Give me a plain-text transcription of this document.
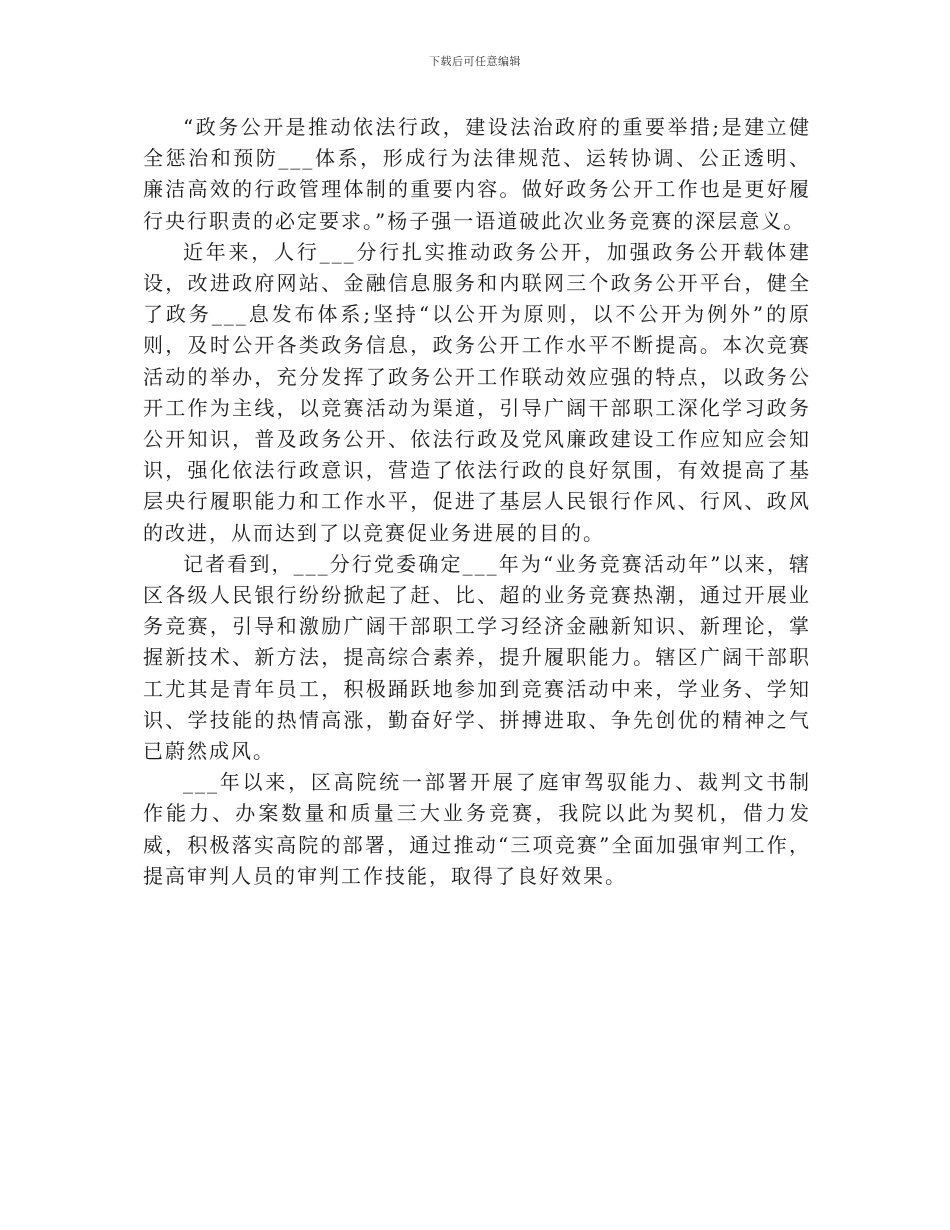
下载后可任意编辑

“政务公开是推动依法行政，建设法治政府的重要举措;是建立健全惩治和预防___体系，形成行为法律规范、运转协调、公正透明、廉洁高效的行政管理体制的重要内容。做好政务公开工作也是更好履行央行职责的必定要求。”杨子强一语道破此次业务竞赛的深层意义。

近年来，人行___分行扎实推动政务公开，加强政务公开载体建设，改进政府网站、金融信息服务和内联网三个政务公开平台，健全了政务___息发布体系;坚持“以公开为原则，以不公开为例外”的原则，及时公开各类政务信息，政务公开工作水平不断提高。本次竞赛活动的举办，充分发挥了政务公开工作联动效应强的特点，以政务公开工作为主线，以竞赛活动为渠道，引导广阔干部职工深化学习政务公开知识，普及政务公开、依法行政及党风廉政建设工作应知应会知识，强化依法行政意识，营造了依法行政的良好氛围，有效提高了基层央行履职能力和工作水平，促进了基层人民银行作风、行风、政风的改进，从而达到了以竞赛促业务进展的目的。

记者看到，___分行党委确定___年为“业务竞赛活动年”以来，辖区各级人民银行纷纷掀起了赶、比、超的业务竞赛热潮，通过开展业务竞赛，引导和激励广阔干部职工学习经济金融新知识、新理论，掌握新技术、新方法，提高综合素养，提升履职能力。辖区广阔干部职工尤其是青年员工，积极踊跃地参加到竞赛活动中来，学业务、学知识、学技能的热情高涨，勤奋好学、拼搏进取、争先创优的精神之气已蔚然成风。

___年以来，区高院统一部署开展了庭审驾驭能力、裁判文书制作能力、办案数量和质量三大业务竞赛，我院以此为契机，借力发威，积极落实高院的部署，通过推动“三项竞赛”全面加强审判工作，提高审判人员的审判工作技能，取得了良好效果。
